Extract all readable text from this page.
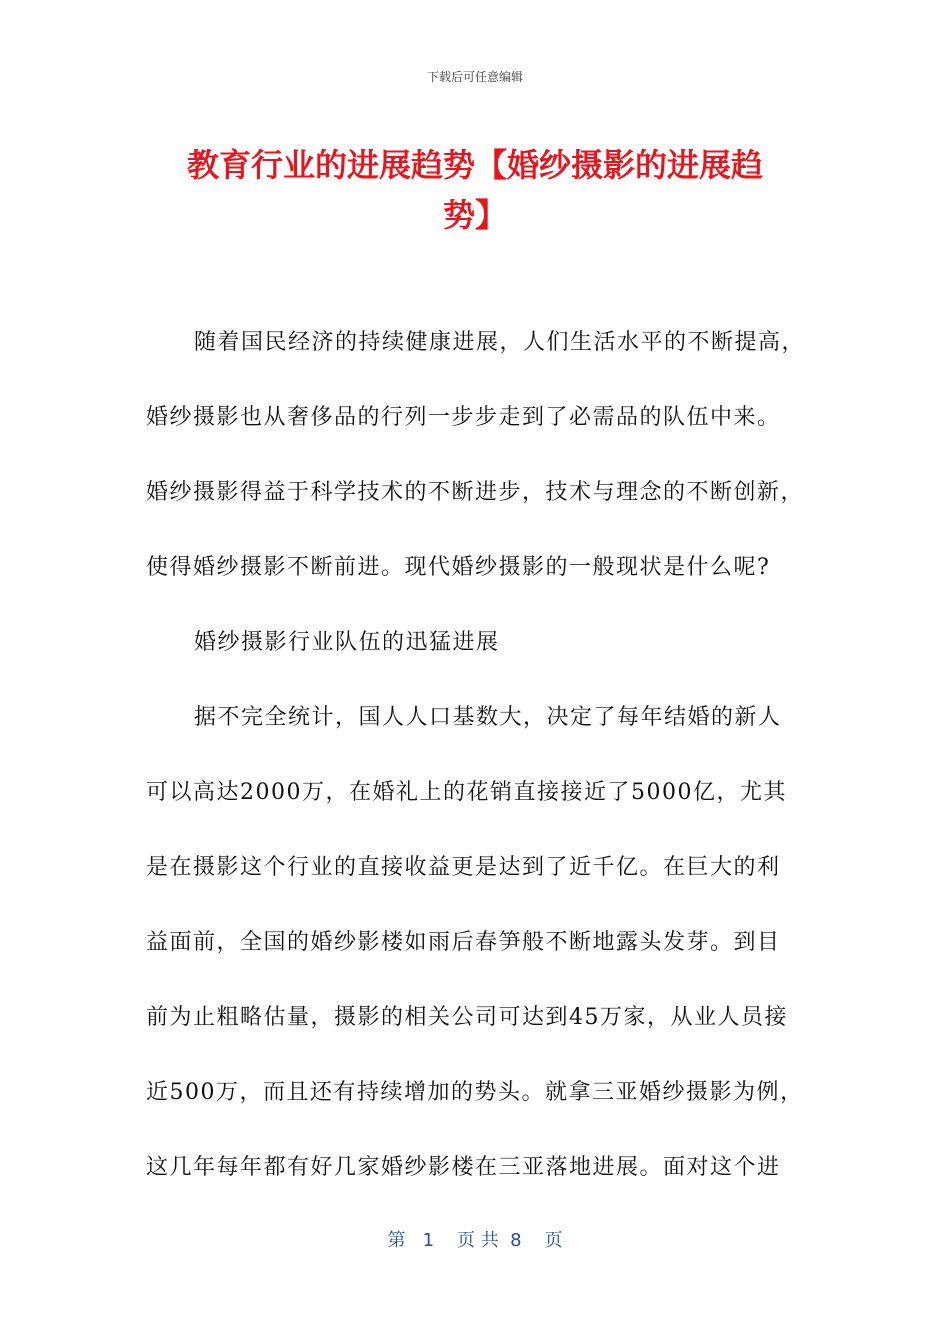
下载后可任意编辑
教育行业的进展趋势【婚纱摄影的进展趋
势】
随着国民经济的持续健康进展，人们生活水平的不断提高，
婚纱摄影也从奢侈品的行列一步步走到了必需品的队伍中来。
婚纱摄影得益于科学技术的不断进步，技术与理念的不断创新，
使得婚纱摄影不断前进。现代婚纱摄影的一般现状是什么呢?
婚纱摄影行业队伍的迅猛进展
据不完全统计，国人人口基数大，决定了每年结婚的新人
可以高达2000万，在婚礼上的花销直接接近了5000亿，尤其
是在摄影这个行业的直接收益更是达到了近千亿。在巨大的利
益面前，全国的婚纱影楼如雨后春笋般不断地露头发芽。到目
前为止粗略估量，摄影的相关公司可达到45万家，从业人员接
近500万，而且还有持续增加的势头。就拿三亚婚纱摄影为例，
这几年每年都有好几家婚纱影楼在三亚落地进展。面对这个进
第   1    页 共  8    页
